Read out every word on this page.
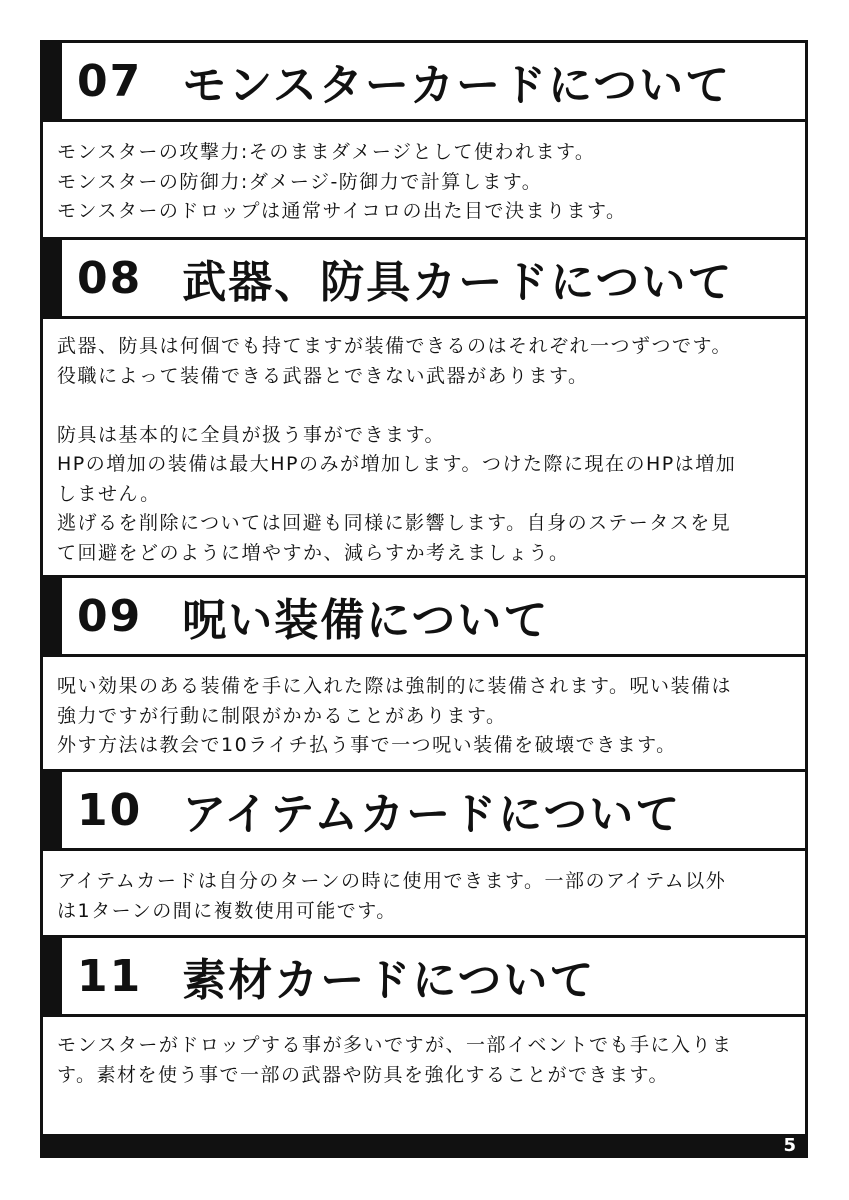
07 モンスターカードについて

モンスターの攻撃力:そのままダメージとして使われます。

モンスターの防御力:ダメージ-防御力で計算します。

モンスターのドロップは通常サイコロの出た目で決まります。

08 武器、防具カードについて

武器、防具は何個でも持てますが装備できるのはそれぞれ一つずつです。

役職によって装備できる武器とできない武器があります。

防具は基本的に全員が扱う事ができます。

HPの増加の装備は最大HPのみが増加します。つけた際に現在のHPは増加

しません。

逃げるを削除については回避も同様に影響します。自身のステータスを見

て回避をどのように増やすか、減らすか考えましょう。

09 呪い装備について

呪い効果のある装備を手に入れた際は強制的に装備されます。呪い装備は

強力ですが行動に制限がかかることがあります。

外す方法は教会で10ライチ払う事で一つ呪い装備を破壊できます。

10 アイテムカードについて

アイテムカードは自分のターンの時に使用できます。一部のアイテム以外

は1ターンの間に複数使用可能です。

11 素材カードについて

モンスターがドロップする事が多いですが、一部イベントでも手に入りま

す。素材を使う事で一部の武器や防具を強化することができます。

5
